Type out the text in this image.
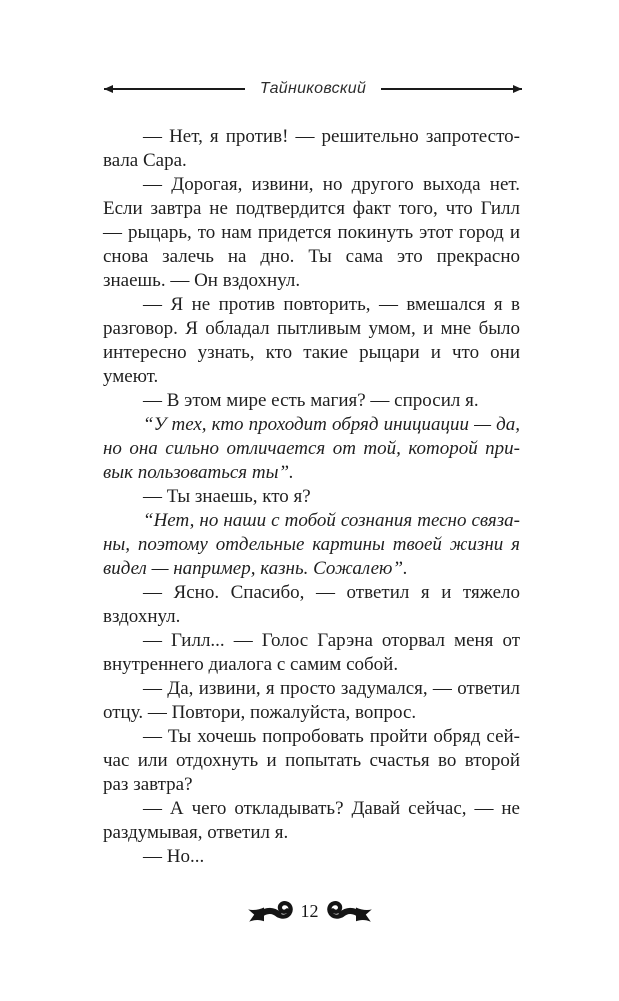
Тайниковский

— Нет, я против! — решительно запротестовала Сара.

— Дорогая, извини, но другого выхода нет. Если завтра не подтвердится факт того, что Гилл — рыцарь, то нам придется покинуть этот город и снова залечь на дно. Ты сама это прекрасно знаешь. — Он вздохнул.

— Я не против повторить, — вмешался я в разговор. Я обладал пытливым умом, и мне было интересно узнать, кто такие рыцари и что они умеют.

— В этом мире есть магия? — спросил я.

“У тех, кто проходит обряд инициации — да, но она сильно отличается от той, которой привык пользоваться ты”.

— Ты знаешь, кто я?

“Нет, но наши с тобой сознания тесно связаны, поэтому отдельные картины твоей жизни я видел — например, казнь. Сожалею”.

— Ясно. Спасибо, — ответил я и тяжело вздохнул.

— Гилл... — Голос Гарэна оторвал меня от внутреннего диалога с самим собой.

— Да, извини, я просто задумался, — ответил отцу. — Повтори, пожалуйста, вопрос.

— Ты хочешь попробовать пройти обряд сейчас или отдохнуть и попытать счастья во второй раз завтра?

— А чего откладывать? Давай сейчас, — не раздумывая, ответил я.

— Но...

12
